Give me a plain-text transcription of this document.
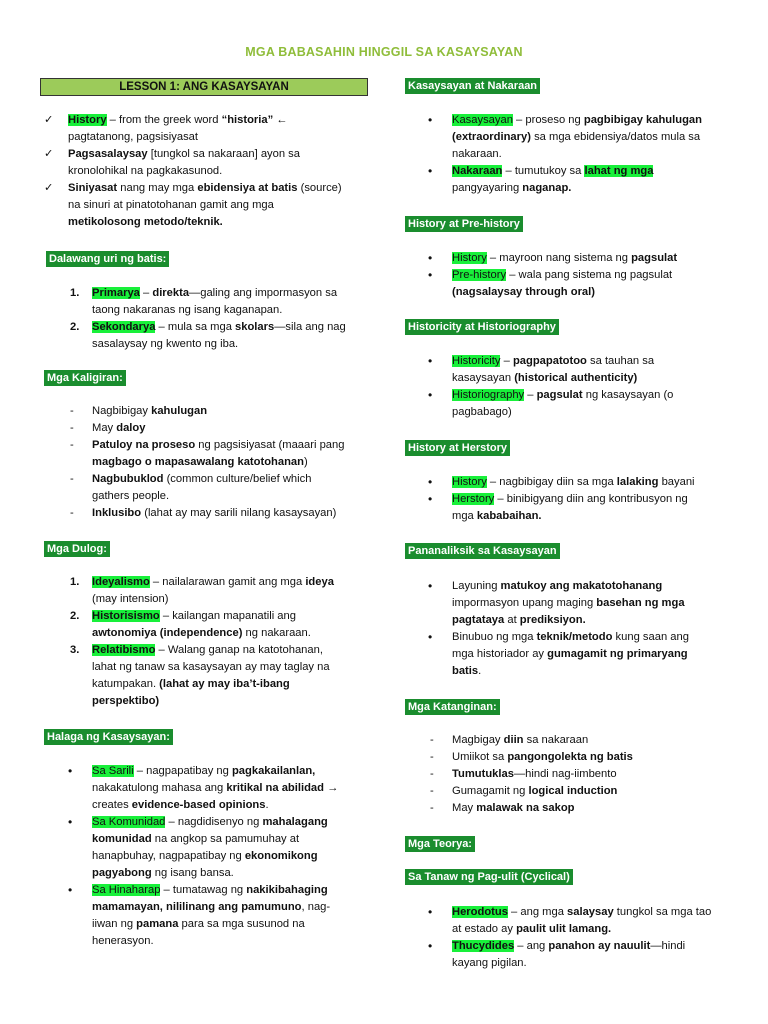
MGA BABASAHIN HINGGIL SA KASAYSAYAN
LESSON 1: ANG KASAYSAYAN
✓	History – from the greek word “historia” ←
pagtatanong, pagsisiyasat
✓	Pagsasalaysay [tungkol sa nakaraan] ayon sa
kronolohikal na pagkakasunod.
✓	Siniyasat nang may mga ebidensiya at batis (source)
na sinuri at pinatotohanan gamit ang mga
metikolosong metodo/teknik.
Dalawang uri ng batis:
1.	Primarya – direkta—galing ang impormasyon sa
taong nakaranas ng isang kaganapan.
2.	Sekondarya – mula sa mga skolars—sila ang nag
sasalaysay ng kwento ng iba.
Mga Kaligiran:
-	Nagbibigay kahulugan
-	May daloy
-	Patuloy na proseso ng pagsisiyasat (maaari pang
magbago o mapasawalang katotohanan)
-	Nagbubuklod (common culture/belief which
gathers people.
-	Inklusibo (lahat ay may sarili nilang kasaysayan)
Mga Dulog:
1.	Ideyalismo – nailalarawan gamit ang mga ideya
(may intension)
2.	Historisismo – kailangan mapanatili ang
awtonomiya (independence) ng nakaraan.
3.	Relatibismo – Walang ganap na katotohanan,
lahat ng tanaw sa kasaysayan ay may taglay na
katumpakan. (lahat ay may iba’t-ibang
perspektibo)
Halaga ng Kasaysayan:
•	Sa Sarili – nagpapatibay ng pagkakailanlan,
nakakatulong mahasa ang kritikal na abilidad →
creates evidence-based opinions.
•	Sa Komunidad – nagdidisenyo ng mahalagang
komunidad na angkop sa pamumuhay at
hanapbuhay, nagpapatibay ng ekonomikong
pagyabong ng isang bansa.
•	Sa Hinaharap – tumatawag ng nakikibahaging
mamamayan, nililinang ang pamumuno, nag-
iiwan ng pamana para sa mga susunod na
henerasyon.
Kasaysayan at Nakaraan
•	Kasaysayan – proseso ng pagbibigay kahulugan
(extraordinary) sa mga ebidensiya/datos mula sa
nakaraan.
•	Nakaraan – tumutukoy sa lahat ng mga
pangyayaring naganap.
History at Pre-history
•	History – mayroon nang sistema ng pagsulat
•	Pre-history – wala pang sistema ng pagsulat
(nagsalaysay through oral)
Historicity at Historiography
•	Historicity – pagpapatotoo sa tauhan sa
kasaysayan (historical authenticity)
•	Historiography – pagsulat ng kasaysayan (o
pagbabago)
History at Herstory
•	History – nagbibigay diin sa mga lalaking bayani
•	Herstory – binibigyang diin ang kontribusyon ng
mga kababaihan.
Pananaliksik sa Kasaysayan
•	Layuning matukoy ang makatotohanang
impormasyon upang maging basehan ng mga
pagtataya at prediksiyon.
•	Binubuo ng mga teknik/metodo kung saan ang
mga historiador ay gumagamit ng primaryang
batis.
Mga Katanginan:
-	Magbigay diin sa nakaraan
-	Umiikot sa pangongolekta ng batis
-	Tumutuklas—hindi nag-iimbento
-	Gumagamit ng logical induction
-	May malawak na sakop
Mga Teorya:
Sa Tanaw ng Pag-ulit (Cyclical)
•	Herodotus – ang mga salaysay tungkol sa mga tao
at estado ay paulit ulit lamang.
•	Thucydides – ang panahon ay nauulit—hindi
kayang pigilan.
